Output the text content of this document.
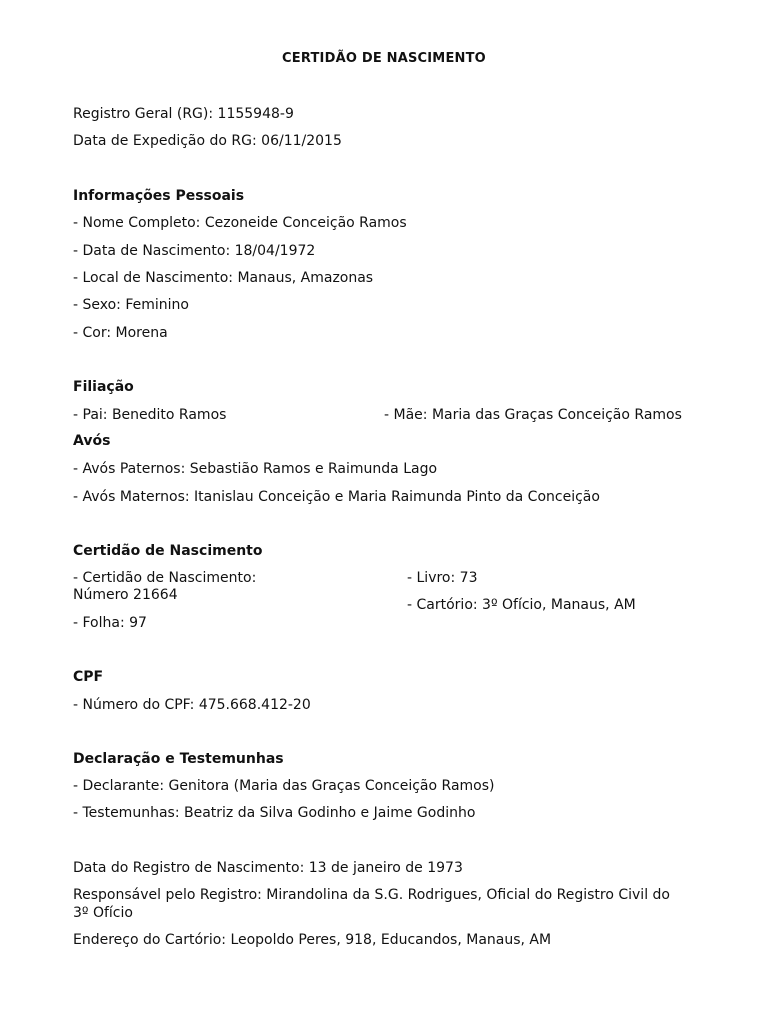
CERTIDÃO DE NASCIMENTO
Registro Geral (RG): 1155948-9
Data de Expedição do RG: 06/11/2015
Informações Pessoais
- Nome Completo: Cezoneide Conceição Ramos
- Data de Nascimento: 18/04/1972
- Local de Nascimento: Manaus, Amazonas
- Sexo: Feminino
- Cor: Morena
Filiação
- Pai: Benedito Ramos	- Mãe: Maria das Graças Conceição Ramos
Avós
- Avós Paternos: Sebastião Ramos e Raimunda Lago
- Avós Maternos: Itanislau Conceição e Maria Raimunda Pinto da Conceição
Certidão de Nascimento
- Certidão de Nascimento:
Número 21664
- Folha: 97
- Livro: 73
- Cartório: 3º Ofício, Manaus, AM
CPF
- Número do CPF: 475.668.412-20
Declaração e Testemunhas
- Declarante: Genitora (Maria das Graças Conceição Ramos)
- Testemunhas: Beatriz da Silva Godinho e Jaime Godinho
Data do Registro de Nascimento: 13 de janeiro de 1973
Responsável pelo Registro: Mirandolina da S.G. Rodrigues, Oficial do Registro Civil do
3º Ofício
Endereço do Cartório: Leopoldo Peres, 918, Educandos, Manaus, AM
